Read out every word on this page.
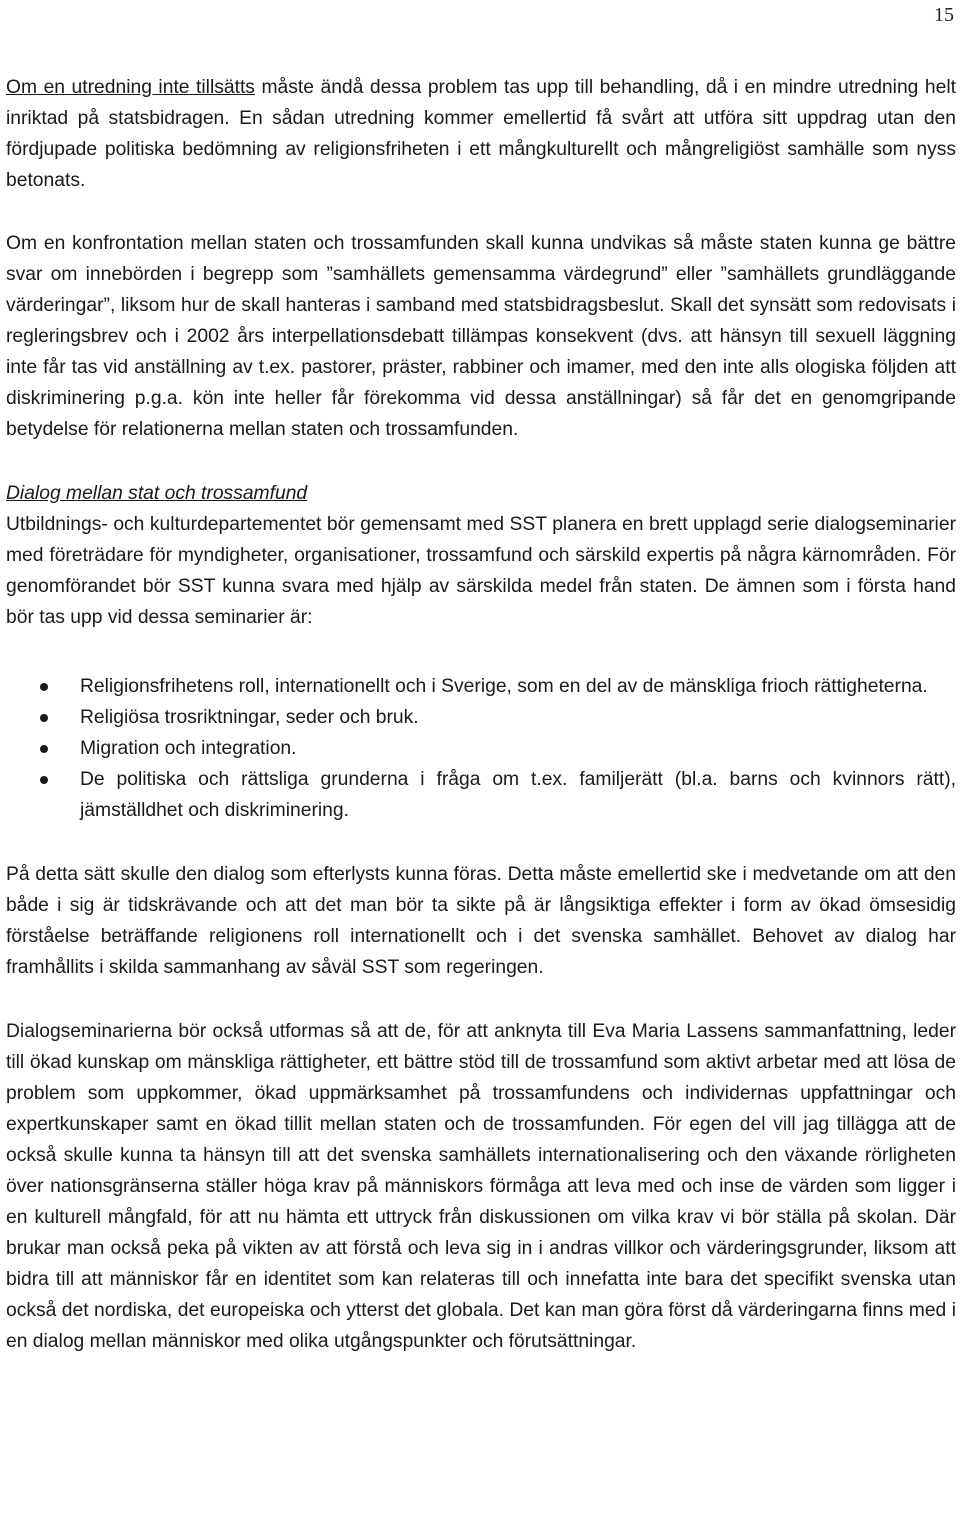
15

Om en utredning inte tillsätts måste ändå dessa problem tas upp till behandling, då i en mindre utredning helt inriktad på statsbidragen. En sådan utredning kommer emellertid få svårt att utföra sitt uppdrag utan den fördjupade politiska bedömning av religionsfriheten i ett mångkulturellt och mångreligiöst samhälle som nyss betonats.

Om en konfrontation mellan staten och trossamfunden skall kunna undvikas så måste staten kunna ge bättre svar om innebörden i begrepp som ”samhällets gemensamma värdegrund” eller ”samhällets grundläggande värderingar”, liksom hur de skall hanteras i samband med statsbidragsbeslut. Skall det synsätt som redovisats i regleringsbrev och i 2002 års interpellationsdebatt tillämpas konsekvent (dvs. att hänsyn till sexuell läggning inte får tas vid anställning av t.ex. pastorer, präster, rabbiner och imamer, med den inte alls ologiska följden att diskriminering p.g.a. kön inte heller får förekomma vid dessa anställningar) så får det en genomgripande betydelse för relationerna mellan staten och trossamfunden.

Dialog mellan stat och trossamfund
Utbildnings- och kulturdepartementet bör gemensamt med SST planera en brett upplagd serie dialogseminarier med företrädare för myndigheter, organisationer, trossamfund och särskild expertis på några kärnområden. För genomförandet bör SST kunna svara med hjälp av särskilda medel från staten. De ämnen som i första hand bör tas upp vid dessa seminarier är:

Religionsfrihetens roll, internationellt och i Sverige, som en del av de mänskliga frioch rättigheterna.
Religiösa trosriktningar, seder och bruk.
Migration och integration.
De politiska och rättsliga grunderna i fråga om t.ex. familjerätt (bl.a. barns och kvinnors rätt), jämställdhet och diskriminering.

På detta sätt skulle den dialog som efterlysts kunna föras. Detta måste emellertid ske i medvetande om att den både i sig är tidskrävande och att det man bör ta sikte på är långsiktiga effekter i form av ökad ömsesidig förståelse beträffande religionens roll internationellt och i det svenska samhället. Behovet av dialog har framhållits i skilda sammanhang av såväl SST som regeringen.

Dialogseminarierna bör också utformas så att de, för att anknyta till Eva Maria Lassens sammanfattning, leder till ökad kunskap om mänskliga rättigheter, ett bättre stöd till de trossamfund som aktivt arbetar med att lösa de problem som uppkommer, ökad uppmärksamhet på trossamfundens och individernas uppfattningar och expertkunskaper samt en ökad tillit mellan staten och de trossamfunden. För egen del vill jag tillägga att de också skulle kunna ta hänsyn till att det svenska samhällets internationalisering och den växande rörligheten över nationsgränserna ställer höga krav på människors förmåga att leva med och inse de värden som ligger i en kulturell mångfald, för att nu hämta ett uttryck från diskussionen om vilka krav vi bör ställa på skolan. Där brukar man också peka på vikten av att förstå och leva sig in i andras villkor och värderingsgrunder, liksom att bidra till att människor får en identitet som kan relateras till och innefatta inte bara det specifikt svenska utan också det nordiska, det europeiska och ytterst det globala. Det kan man göra först då värderingarna finns med i en dialog mellan människor med olika utgångspunkter och förutsättningar.
